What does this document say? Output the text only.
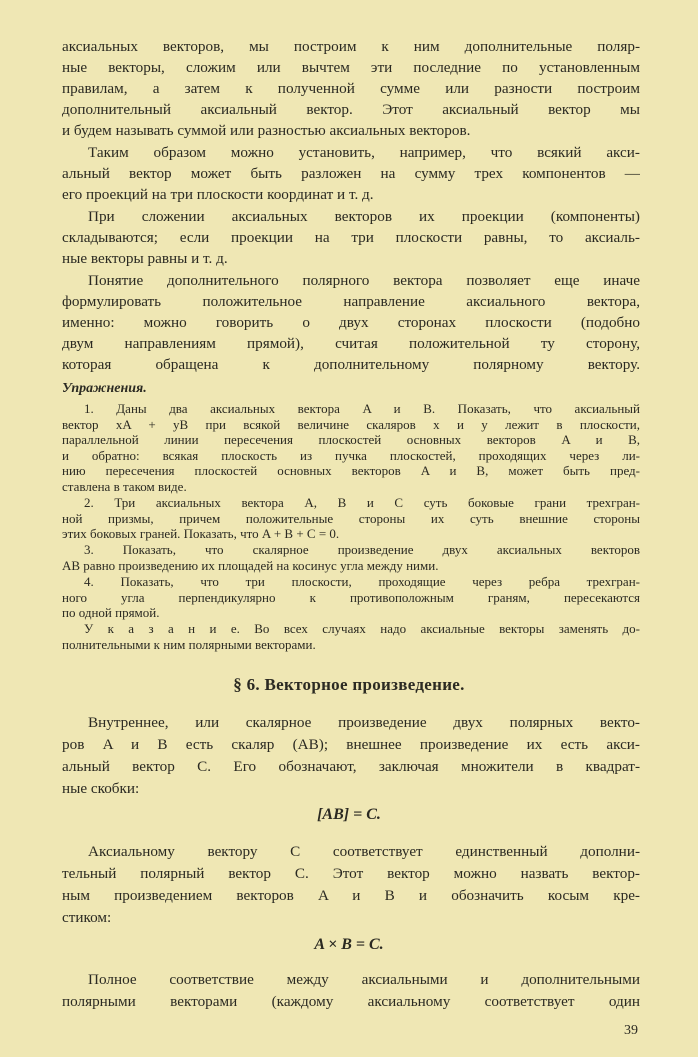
аксиальных векторов, мы построим к ним дополнительные поляр-
ные векторы, сложим или вычтем эти последние по установленным
правилам, а затем к полученной сумме или разности построим
дополнительный аксиальный вектор. Этот аксиальный вектор мы
и будем называть суммой или разностью аксиальных векторов.
Таким образом можно установить, например, что всякий акси-
альный вектор может быть разложен на сумму трех компонентов —
его проекций на три плоскости координат и т. д.
При сложении аксиальных векторов их проекции (компоненты)
складываются; если проекции на три плоскости равны, то аксиаль-
ные векторы равны и т. д.
Понятие дополнительного полярного вектора позволяет еще иначе
формулировать положительное направление аксиального вектора,
именно: можно говорить о двух сторонах плоскости (подобно
двум направлениям прямой), считая положительной ту сторону,
которая обращена к дополнительному полярному вектору.
Упражнения.
1. Даны два аксиальных вектора A и B. Показать, что аксиальный
вектор xA + yB при всякой величине скаляров x и y лежит в плоскости,
параллельной линии пересечения плоскостей основных векторов A и B,
и обратно: всякая плоскость из пучка плоскостей, проходящих через ли-
нию пересечения плоскостей основных векторов A и B, может быть пред-
ставлена в таком виде.
2. Три аксиальных вектора A, B и C суть боковые грани трехгран-
ной призмы, причем положительные стороны их суть внешние стороны
этих боковых граней. Показать, что A + B + C = 0.
3. Показать, что скалярное произведение двух аксиальных векторов
AB равно произведению их площадей на косинус угла между ними.
4. Показать, что три плоскости, проходящие через ребра трехгран-
ного угла перпендикулярно к противоположным граням, пересекаются
по одной прямой.
У к а з а н и е. Во всех случаях надо аксиальные векторы заменять до-
полнительными к ним полярными векторами.
§ 6. Векторное произведение.
Внутреннее, или скалярное произведение двух полярных векто-
ров A и B есть скаляр (AB); внешнее произведение их есть акси-
альный вектор C. Его обозначают, заключая множители в квадрат-
ные скобки:
[AB] = C.
Аксиальному вектору C соответствует единственный дополни-
тельный полярный вектор C. Этот вектор можно назвать вектор-
ным произведением векторов A и B и обозначить косым кре-
стиком:
A × B = C.
Полное соответствие между аксиальными и дополнительными
полярными векторами (каждому аксиальному соответствует один
39
